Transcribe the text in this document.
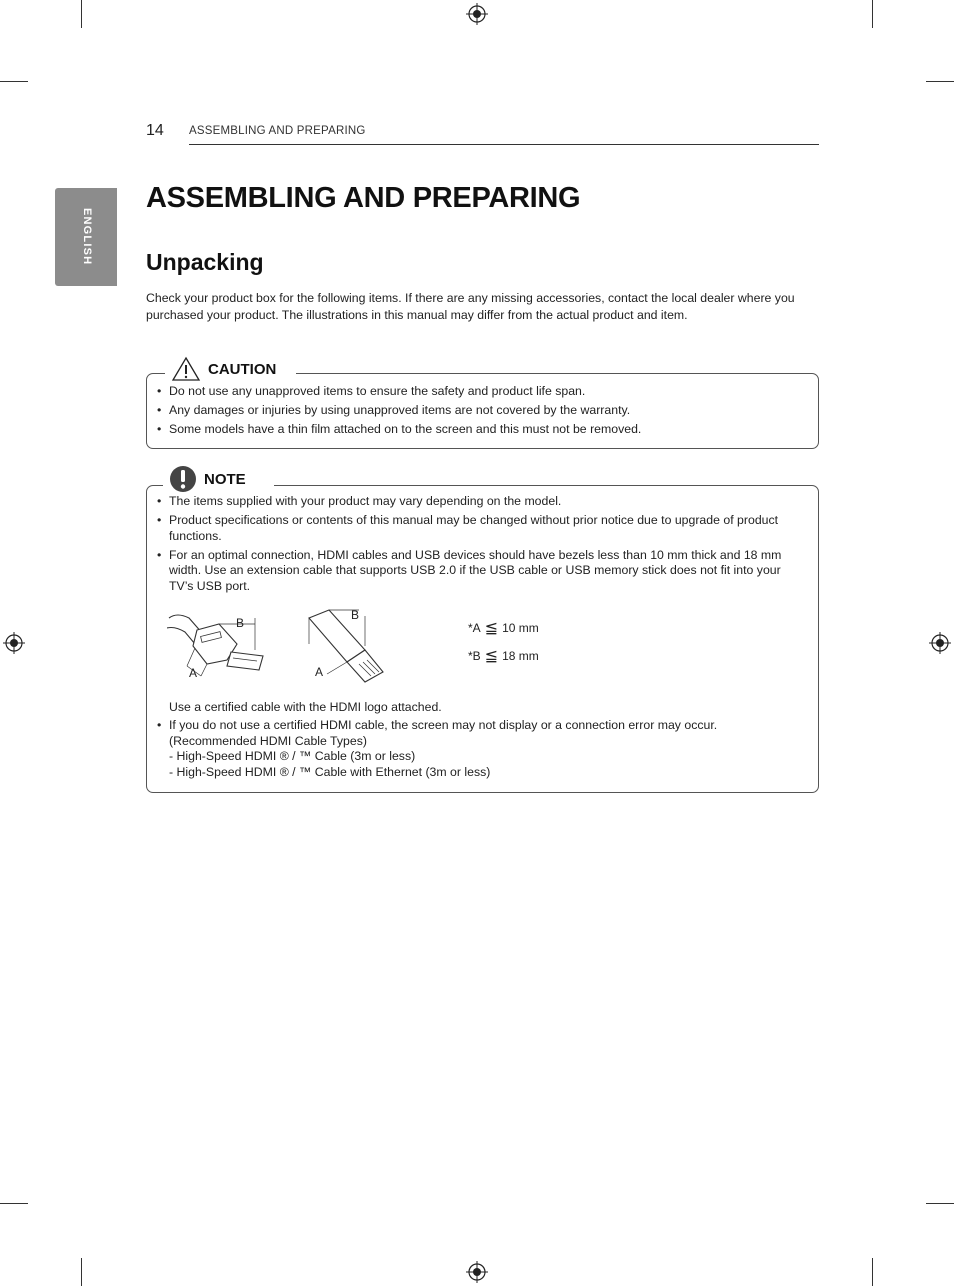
14 ASSEMBLING AND PREPARING
ENGLISH
ASSEMBLING AND PREPARING
Unpacking
Check your product box for the following items. If there are any missing accessories, contact the local dealer where you purchased your product. The illustrations in this manual may differ from the actual product and item.
CAUTION
• Do not use any unapproved items to ensure the safety and product life span.
• Any damages or injuries by using unapproved items are not covered by the warranty.
• Some models have a thin film attached on to the screen and this must not be removed.
NOTE
• The items supplied with your product may vary depending on the model.
• Product specifications or contents of this manual may be changed without prior notice due to upgrade of product functions.
• For an optimal connection, HDMI cables and USB devices should have bezels less than 10 mm thick and 18 mm width. Use an extension cable that supports USB 2.0 if the USB cable or USB memory stick does not fit into your TV’s USB port.
B
A
B
A
*A ≦ 10 mm
*B ≦ 18 mm
Use a certified cable with the HDMI logo attached.
• If you do not use a certified HDMI cable, the screen may not display or a connection error may occur. (Recommended HDMI Cable Types)
- High-Speed HDMI ® / ™ Cable (3m or less)
- High-Speed HDMI ® / ™ Cable with Ethernet (3m or less)
